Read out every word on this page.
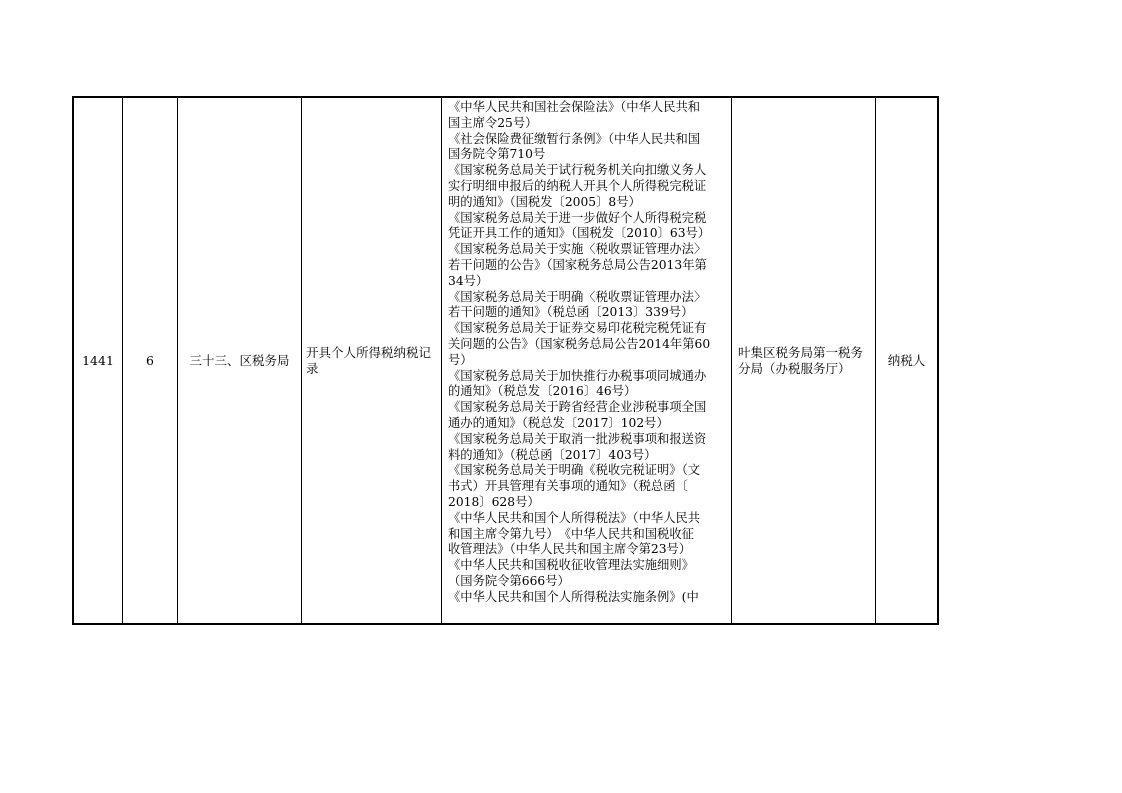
1441	6	三十三、区税务局
开具个人所得税纳税记录
《中华人民共和国社会保险法》（中华人民共和
国主席令25号）
《社会保险费征缴暂行条例》（中华人民共和国
国务院令第710号
《国家税务总局关于试行税务机关向扣缴义务人
实行明细申报后的纳税人开具个人所得税完税证
明的通知》（国税发〔2005〕8号）
《国家税务总局关于进一步做好个人所得税完税
凭证开具工作的通知》（国税发〔2010〕63号）
《国家税务总局关于实施〈税收票证管理办法〉
若干问题的公告》（国家税务总局公告2013年第
34号）
《国家税务总局关于明确〈税收票证管理办法〉
若干问题的通知》（税总函〔2013〕339号）
《国家税务总局关于证券交易印花税完税凭证有
关问题的公告》（国家税务总局公告2014年第60
号）
《国家税务总局关于加快推行办税事项同城通办
的通知》（税总发〔2016〕46号）
《国家税务总局关于跨省经营企业涉税事项全国
通办的通知》（税总发〔2017〕102号）
《国家税务总局关于取消一批涉税事项和报送资
料的通知》（税总函〔2017〕403号）
《国家税务总局关于明确《税收完税证明》（文
书式）开具管理有关事项的通知》（税总函〔
2018〕628号）
《中华人民共和国个人所得税法》（中华人民共
和国主席令第九号）　《中华人民共和国税收征
收管理法》（中华人民共和国主席令第23号）
《中华人民共和国税收征收管理法实施细则》
（国务院令第666号）
《中华人民共和国个人所得税法实施条例》(中
叶集区税务局第一税务分局（办税服务厅）
纳税人
